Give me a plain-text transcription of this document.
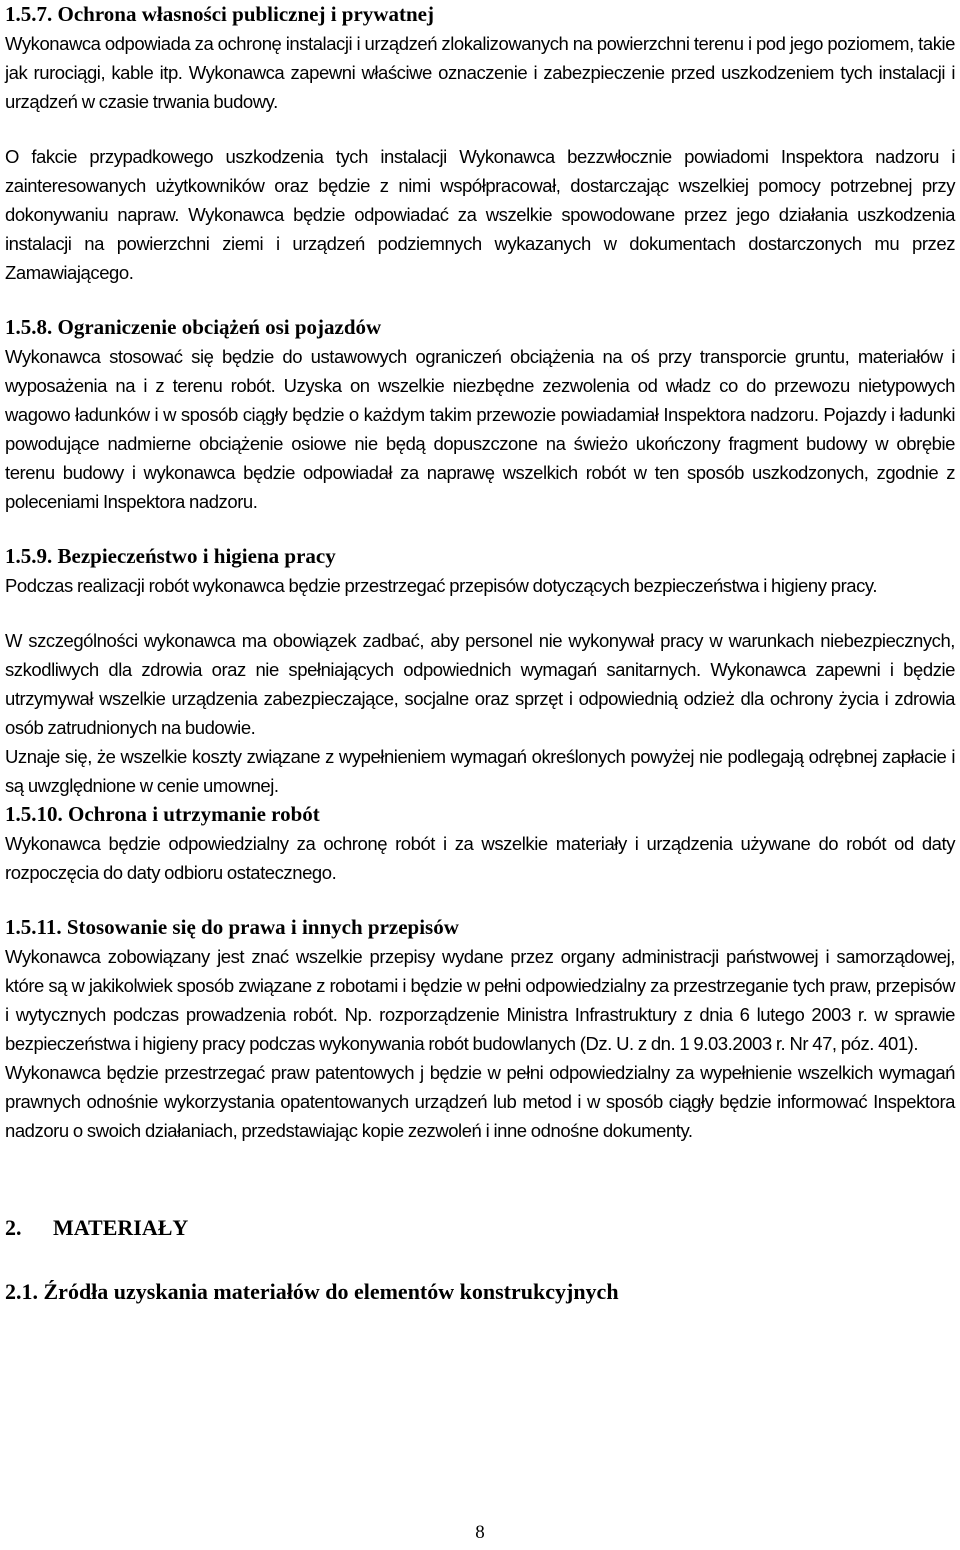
1.5.7. Ochrona własności publicznej i prywatnej

Wykonawca odpowiada za ochronę instalacji i urządzeń zlokalizowanych na powierzchni terenu i pod jego poziomem, takie jak rurociągi, kable itp. Wykonawca zapewni właściwe oznaczenie i zabezpieczenie przed uszkodzeniem tych instalacji i urządzeń w czasie trwania budowy.

O fakcie przypadkowego uszkodzenia tych instalacji Wykonawca bezzwłocznie powiadomi Inspektora nadzoru i zainteresowanych użytkowników oraz będzie z nimi współpracował, dostarczając wszelkiej pomocy potrzebnej przy dokonywaniu napraw. Wykonawca będzie odpowiadać za wszelkie spowodowane przez jego działania uszkodzenia instalacji na powierzchni ziemi i urządzeń podziemnych wykazanych w dokumentach dostarczonych mu przez Zamawiającego.

1.5.8. Ograniczenie obciążeń osi pojazdów

Wykonawca stosować się będzie do ustawowych ograniczeń obciążenia na oś przy transporcie gruntu, materiałów i wyposażenia na i z terenu robót. Uzyska on wszelkie niezbędne zezwolenia od władz co do przewozu nietypowych wagowo ładunków i w sposób ciągły będzie o każdym takim przewozie powiadamiał Inspektora nadzoru. Pojazdy i ładunki powodujące nadmierne obciążenie osiowe nie będą dopuszczone na świeżo ukończony fragment budowy w obrębie terenu budowy i wykonawca będzie odpowiadał za naprawę wszelkich robót w ten sposób uszkodzonych, zgodnie z poleceniami Inspektora nadzoru.

1.5.9. Bezpieczeństwo i higiena pracy

Podczas realizacji robót wykonawca będzie przestrzegać przepisów dotyczących bezpieczeństwa i higieny pracy.

W szczególności wykonawca ma obowiązek zadbać, aby personel nie wykonywał pracy w warunkach niebezpiecznych, szkodliwych dla zdrowia oraz nie spełniających odpowiednich wymagań sanitarnych. Wykonawca zapewni i będzie utrzymywał wszelkie urządzenia zabezpieczające, socjalne oraz sprzęt i odpowiednią odzież dla ochrony życia i zdrowia osób zatrudnionych na budowie.

Uznaje się, że wszelkie koszty związane z wypełnieniem wymagań określonych powyżej nie podlegają odrębnej zapłacie i są uwzględnione w cenie umownej.

1.5.10. Ochrona i utrzymanie robót

Wykonawca będzie odpowiedzialny za ochronę robót i za wszelkie materiały i urządzenia używane do robót od daty rozpoczęcia do daty odbioru ostatecznego.

1.5.11. Stosowanie się do prawa i innych przepisów

Wykonawca zobowiązany jest znać wszelkie przepisy wydane przez organy administracji państwowej i samorządowej, które są w jakikolwiek sposób związane z robotami i będzie w pełni odpowiedzialny za przestrzeganie tych praw, przepisów i wytycznych podczas prowadzenia robót. Np. rozporządzenie Ministra Infrastruktury z dnia 6 lutego 2003 r. w sprawie bezpieczeństwa i higieny pracy podczas wykonywania robót budowlanych (Dz. U. z dn. 1 9.03.2003 r. Nr 47, póz. 401).

Wykonawca będzie przestrzegać praw patentowych j będzie w pełni odpowiedzialny za wypełnienie wszelkich wymagań prawnych odnośnie wykorzystania opatentowanych urządzeń lub metod i w sposób ciągły będzie informować Inspektora nadzoru o swoich działaniach, przedstawiając kopie zezwoleń i inne odnośne dokumenty.

2. MATERIAŁY
2.1. Źródła uzyskania materiałów do elementów konstrukcyjnych
8
